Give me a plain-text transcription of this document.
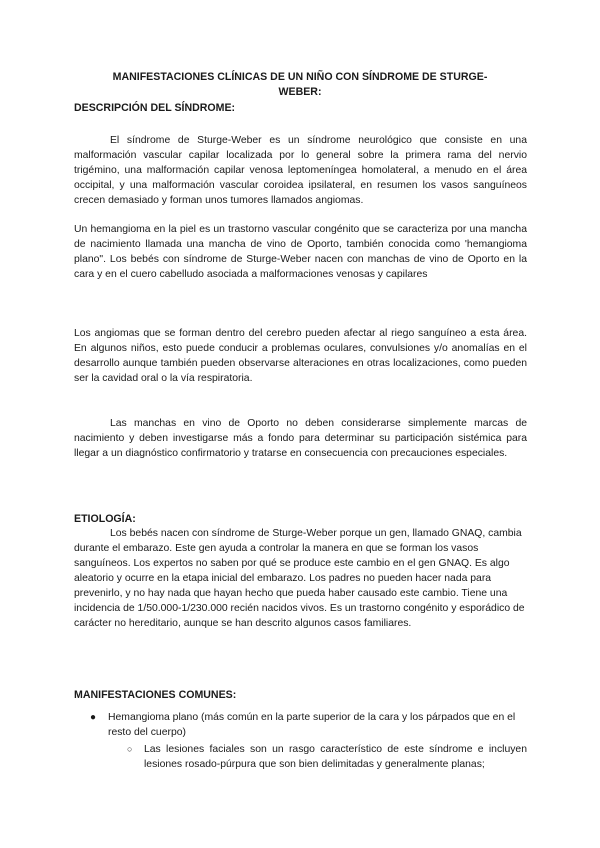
MANIFESTACIONES CLÍNICAS DE UN NIÑO CON SÍNDROME DE STURGE-WEBER:
DESCRIPCIÓN DEL SÍNDROME:

El síndrome de Sturge-Weber es un síndrome neurológico que consiste en una malformación vascular capilar localizada por lo general sobre la primera rama del nervio trigémino, una malformación capilar venosa leptomeníngea homolateral, a menudo en el área occipital, y una malformación vascular coroidea ipsilateral, en resumen los vasos sanguíneos crecen demasiado y forman unos tumores llamados angiomas.

Un hemangioma en la piel es un trastorno vascular congénito que se caracteriza por una mancha de nacimiento llamada una mancha de vino de Oporto, también conocida como 'hemangioma plano". Los bebés con síndrome de Sturge-Weber nacen con manchas de vino de Oporto en la cara y en el cuero cabelludo asociada a malformaciones venosas y capilares

Los angiomas que se forman dentro del cerebro pueden afectar al riego sanguíneo a esta área. En algunos niños, esto puede conducir a problemas oculares, convulsiones y/o anomalías en el desarrollo aunque también pueden observarse alteraciones en otras localizaciones, como pueden ser la cavidad oral o la vía respiratoria.

Las manchas en vino de Oporto no deben considerarse simplemente marcas de nacimiento y deben investigarse más a fondo para determinar su participación sistémica para llegar a un diagnóstico confirmatorio y tratarse en consecuencia con precauciones especiales.

ETIOLOGÍA:

Los bebés nacen con síndrome de Sturge-Weber porque un gen, llamado GNAQ, cambia durante el embarazo. Este gen ayuda a controlar la manera en que se forman los vasos sanguíneos. Los expertos no saben por qué se produce este cambio en el gen GNAQ. Es algo aleatorio y ocurre en la etapa inicial del embarazo. Los padres no pueden hacer nada para prevenirlo, y no hay nada que hayan hecho que pueda haber causado este cambio. Tiene una incidencia de 1/50.000-1/230.000 recién nacidos vivos. Es un trastorno congénito y esporádico de carácter no hereditario, aunque se han descrito algunos casos familiares.

MANIFESTACIONES COMUNES:
● Hemangioma plano (más común en la parte superior de la cara y los párpados que en el resto del cuerpo)
○ Las lesiones faciales son un rasgo característico de este síndrome e incluyen lesiones rosado-púrpura que son bien delimitadas y generalmente planas;
